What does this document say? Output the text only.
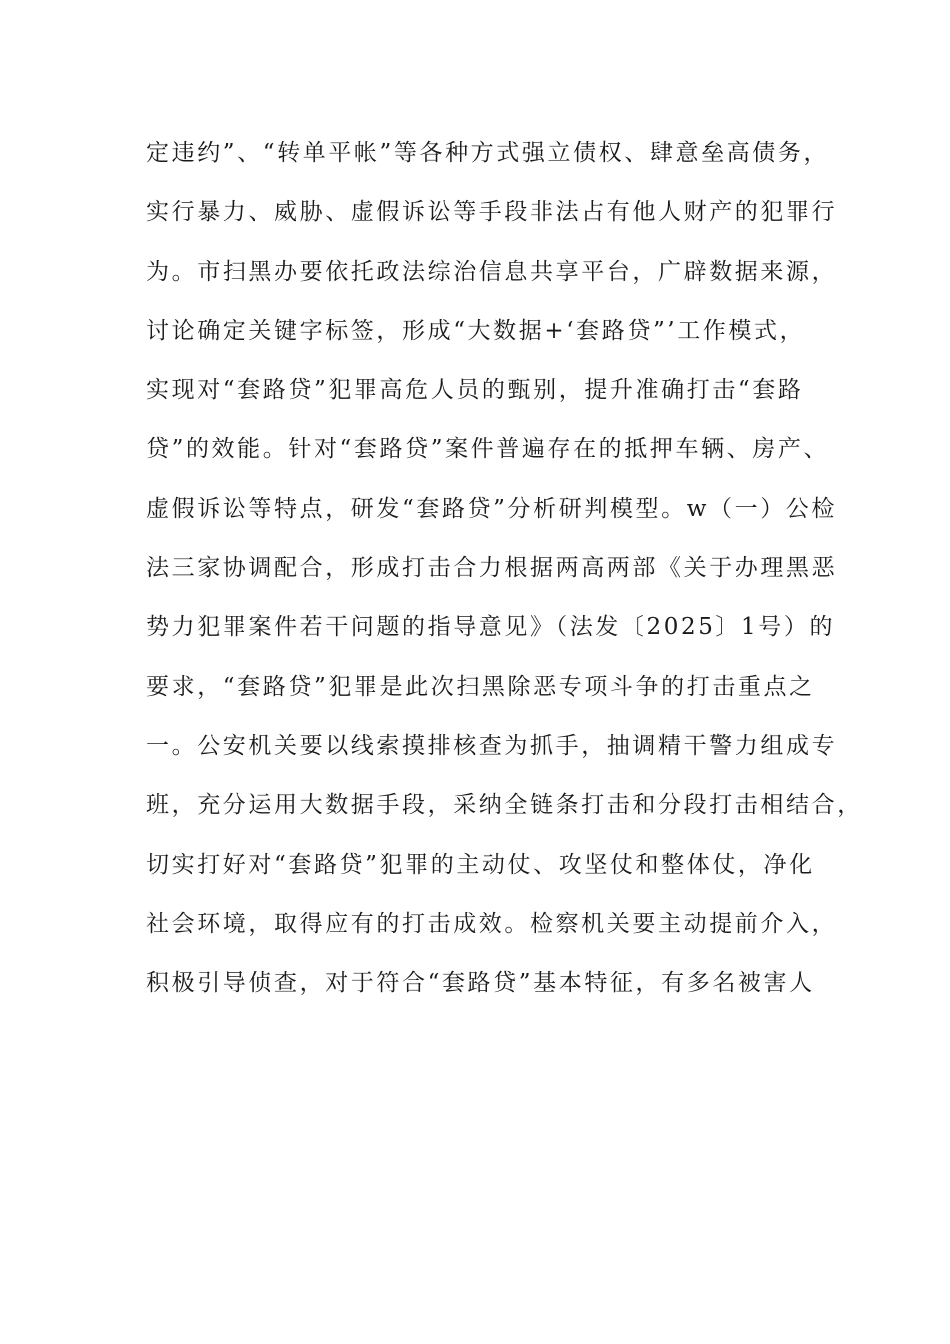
定违约”、“转单平帐”等各种方式强立债权、肆意垒高债务，
实行暴力、威胁、虚假诉讼等手段非法占有他人财产的犯罪行
为。市扫黑办要依托政法综治信息共享平台，广辟数据来源，
讨论确定关键字标签，形成“大数据+‘套路贷”’工作模式，
实现对“套路贷”犯罪高危人员的甄别，提升准确打击“套路
贷”的效能。针对“套路贷”案件普遍存在的抵押车辆、房产、
虚假诉讼等特点，研发“套路贷”分析研判模型。w（一）公检
法三家协调配合，形成打击合力根据两高两部《关于办理黑恶
势力犯罪案件若干问题的指导意见》（法发〔2025〕1号）的
要求，“套路贷”犯罪是此次扫黑除恶专项斗争的打击重点之
一。公安机关要以线索摸排核查为抓手，抽调精干警力组成专
班，充分运用大数据手段，采纳全链条打击和分段打击相结合，
切实打好对“套路贷”犯罪的主动仗、攻坚仗和整体仗，净化
社会环境，取得应有的打击成效。检察机关要主动提前介入，
积极引导侦查，对于符合“套路贷”基本特征，有多名被害人
